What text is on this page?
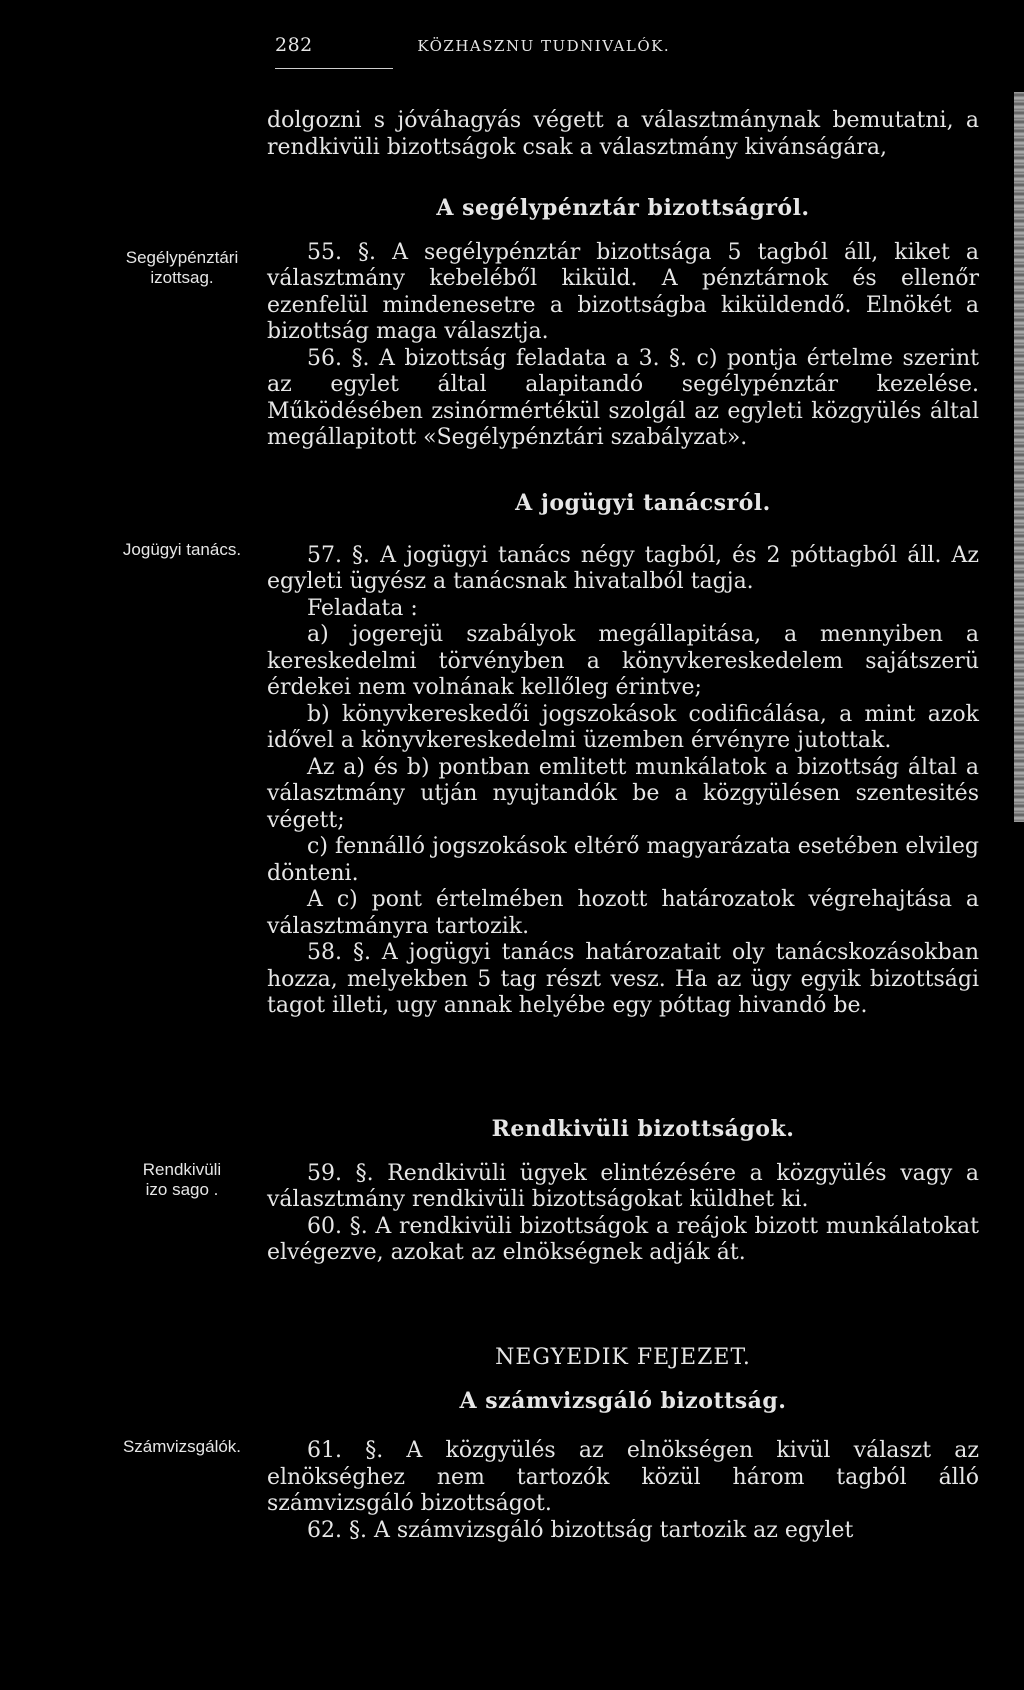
282	KÖZHASZNU TUDNIVALÓK.
Segélypénztári
izottsag.
Jogügyi tanács.
Rendkivüli
izo sago .
Számvizsgálók.

dolgozni s jóváhagyás végett a választmánynak bemutatni, a rendkivüli bizottságok csak a választmány kivánságára,

A segélypénztár bizottságról.

55. §. A segélypénztár bizottsága 5 tagból áll, kiket a választmány kebeléből kiküld. A pénztárnok és ellenőr ezenfelül mindenesetre a bizottságba kiküldendő. Elnökét a bizottság maga választja.

56. §. A bizottság feladata a 3. §. c) pontja értelme szerint az egylet által alapitandó segélypénztár kezelése. Működésében zsinórmértékül szolgál az egyleti közgyülés által megállapitott «Segélypénztári szabályzat».

A jogügyi tanácsról.

57. §. A jogügyi tanács négy tagból, és 2 póttagból áll. Az egyleti ügyész a tanácsnak hivatalból tagja.

Feladata :

a) jogerejü szabályok megállapitása, a mennyiben a kereskedelmi törvényben a könyvkereskedelem sajátszerü érdekei nem volnának kellőleg érintve;

b) könyvkereskedői jogszokások codificálása, a mint azok idővel a könyvkereskedelmi üzemben érvényre jutottak.

Az a) és b) pontban emlitett munkálatok a bizottság által a választmány utján nyujtandók be a közgyülésen szentesités végett;

c) fennálló jogszokások eltérő magyarázata esetében elvileg dönteni.

A c) pont értelmében hozott határozatok végrehajtása a választmányra tartozik.

58. §. A jogügyi tanács határozatait oly tanácskozásokban hozza, melyekben 5 tag részt vesz. Ha az ügy egyik bizottsági tagot illeti, ugy annak helyébe egy póttag hivandó be.

Rendkivüli bizottságok.

59. §. Rendkivüli ügyek elintézésére a közgyülés vagy a választmány rendkivüli bizottságokat küldhet ki.

60. §. A rendkivüli bizottságok a reájok bizott munkálatokat elvégezve, azokat az elnökségnek adják át.

NEGYEDIK FEJEZET.
A számvizsgáló bizottság.

61. §. A közgyülés az elnökségen kivül választ az elnökséghez nem tartozók közül három tagból álló számvizsgáló bizottságot.

62. §. A számvizsgáló bizottság tartozik az egylet
